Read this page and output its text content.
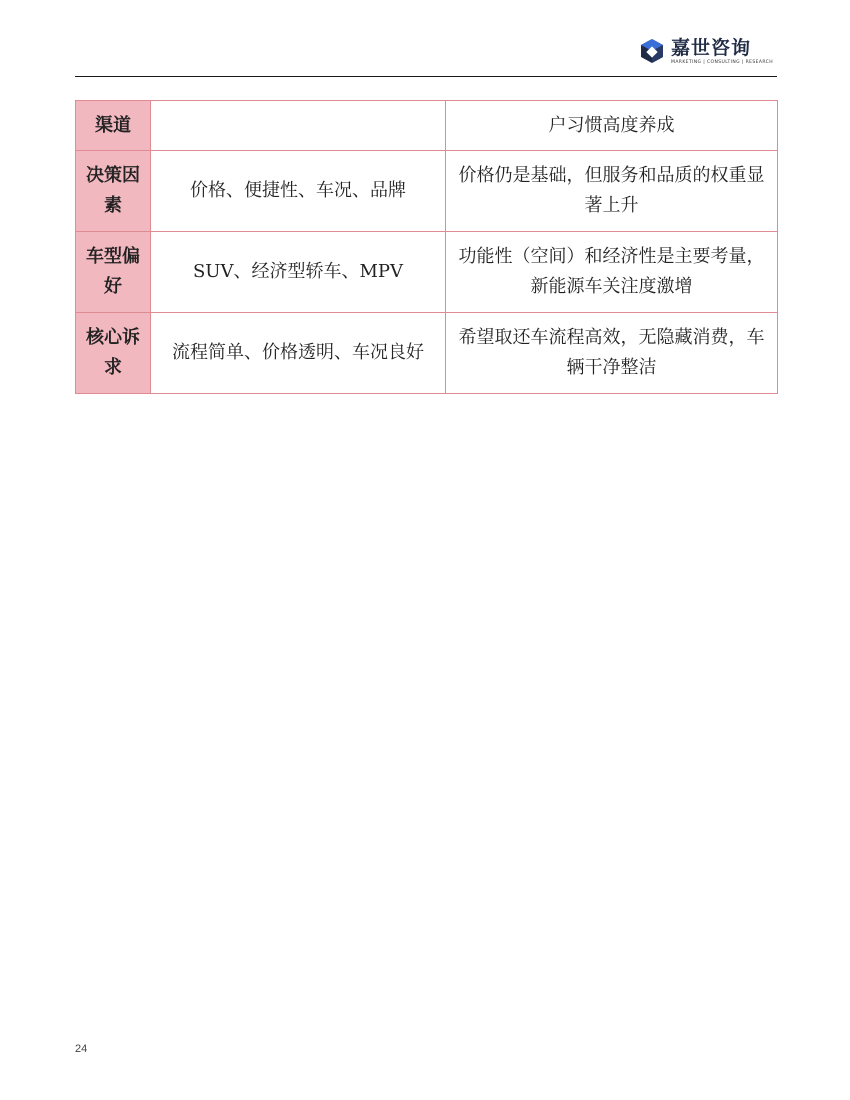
嘉世咨询
MARKETING | CONSULTING | RESEARCH
渠道		户习惯高度养成
决策因素	价格、便捷性、车况、品牌	价格仍是基础，但服务和品质的权重显著上升
车型偏好	SUV、经济型轿车、MPV	功能性（空间）和经济性是主要考量，新能源车关注度激增
核心诉求	流程简单、价格透明、车况良好	希望取还车流程高效，无隐藏消费，车辆干净整洁
24
